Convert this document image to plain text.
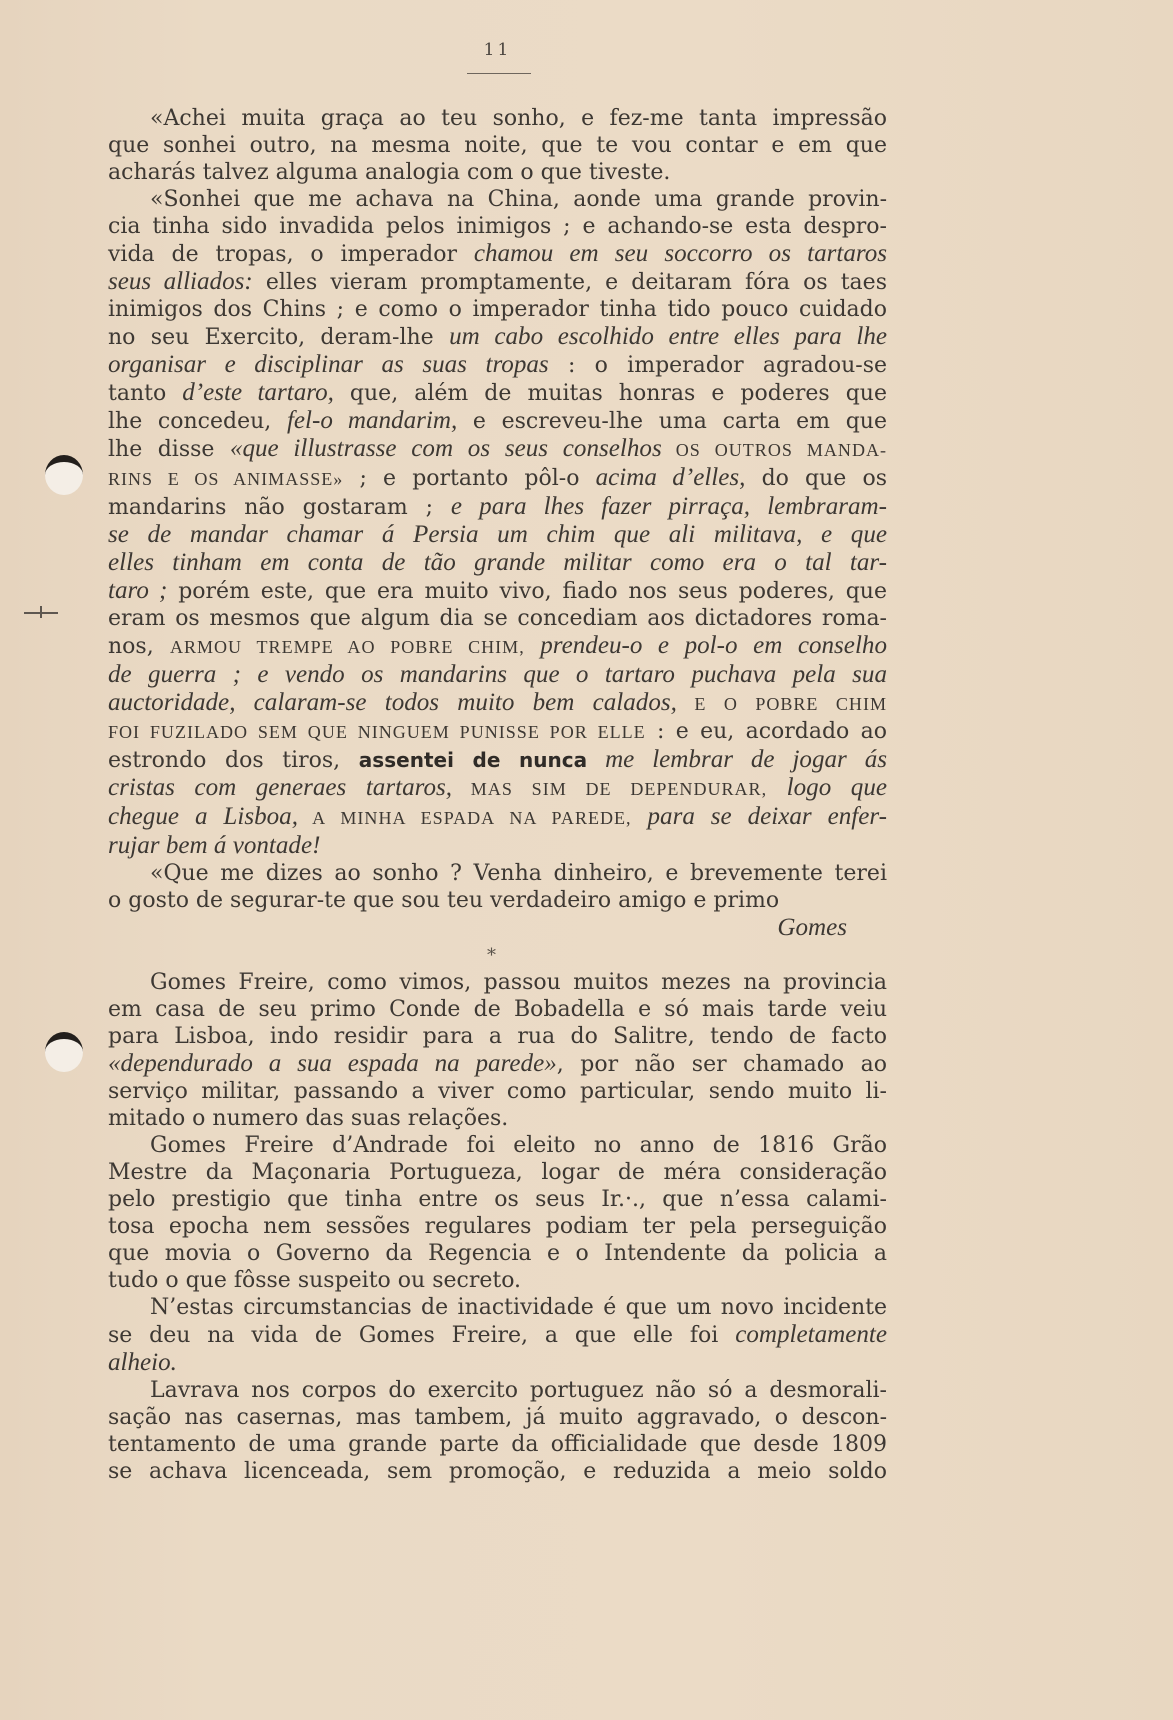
11
«Achei muita graça ao teu sonho, e fez-me tanta impressão
que sonhei outro, na mesma noite, que te vou contar e em que
acharás talvez alguma analogia com o que tiveste.
«Sonhei que me achava na China, aonde uma grande provin-
cia tinha sido invadida pelos inimigos ; e achando-se esta despro-
vida de tropas, o imperador chamou em seu soccorro os tartaros
seus alliados: elles vieram promptamente, e deitaram fóra os taes
inimigos dos Chins ; e como o imperador tinha tido pouco cuidado
no seu Exercito, deram-lhe um cabo escolhido entre elles para lhe
organisar e disciplinar as suas tropas : o imperador agradou-se
tanto d’este tartaro, que, além de muitas honras e poderes que
lhe concedeu, fel-o mandarim, e escreveu-lhe uma carta em que
lhe disse «que illustrasse com os seus conselhos OS OUTROS MANDA-
RINS E OS ANIMASSE» ; e portanto pôl-o acima d’elles, do que os
mandarins não gostaram ; e para lhes fazer pirraça, lembraram-
se de mandar chamar á Persia um chim que ali militava, e que
elles tinham em conta de tão grande militar como era o tal tar-
taro ; porém este, que era muito vivo, fiado nos seus poderes, que
eram os mesmos que algum dia se concediam aos dictadores roma-
nos, ARMOU TREMPE AO POBRE CHIM, prendeu-o e pol-o em conselho
de guerra ; e vendo os mandarins que o tartaro puchava pela sua
auctoridade, calaram-se todos muito bem calados, E O POBRE CHIM
FOI FUZILADO SEM QUE NINGUEM PUNISSE POR ELLE : e eu, acordado ao
estrondo dos tiros, assentei de nunca me lembrar de jogar ás
cristas com generaes tartaros, MAS SIM DE DEPENDURAR, logo que
chegue a Lisboa, A MINHA ESPADA NA PAREDE, para se deixar enfer-
rujar bem á vontade!
«Que me dizes ao sonho ? Venha dinheiro, e brevemente terei
o gosto de segurar-te que sou teu verdadeiro amigo e primo
Gomes
*
Gomes Freire, como vimos, passou muitos mezes na provincia
em casa de seu primo Conde de Bobadella e só mais tarde veiu
para Lisboa, indo residir para a rua do Salitre, tendo de facto
«dependurado a sua espada na parede», por não ser chamado ao
serviço militar, passando a viver como particular, sendo muito li-
mitado o numero das suas relações.
Gomes Freire d’Andrade foi eleito no anno de 1816 Grão
Mestre da Maçonaria Portugueza, logar de méra consideração
pelo prestigio que tinha entre os seus Ir.·., que n’essa calami-
tosa epocha nem sessões regulares podiam ter pela perseguição
que movia o Governo da Regencia e o Intendente da policia a
tudo o que fôsse suspeito ou secreto.
N’estas circumstancias de inactividade é que um novo incidente
se deu na vida de Gomes Freire, a que elle foi completamente
alheio.
Lavrava nos corpos do exercito portuguez não só a desmorali-
sação nas casernas, mas tambem, já muito aggravado, o descon-
tentamento de uma grande parte da officialidade que desde 1809
se achava licenceada, sem promoção, e reduzida a meio soldo
